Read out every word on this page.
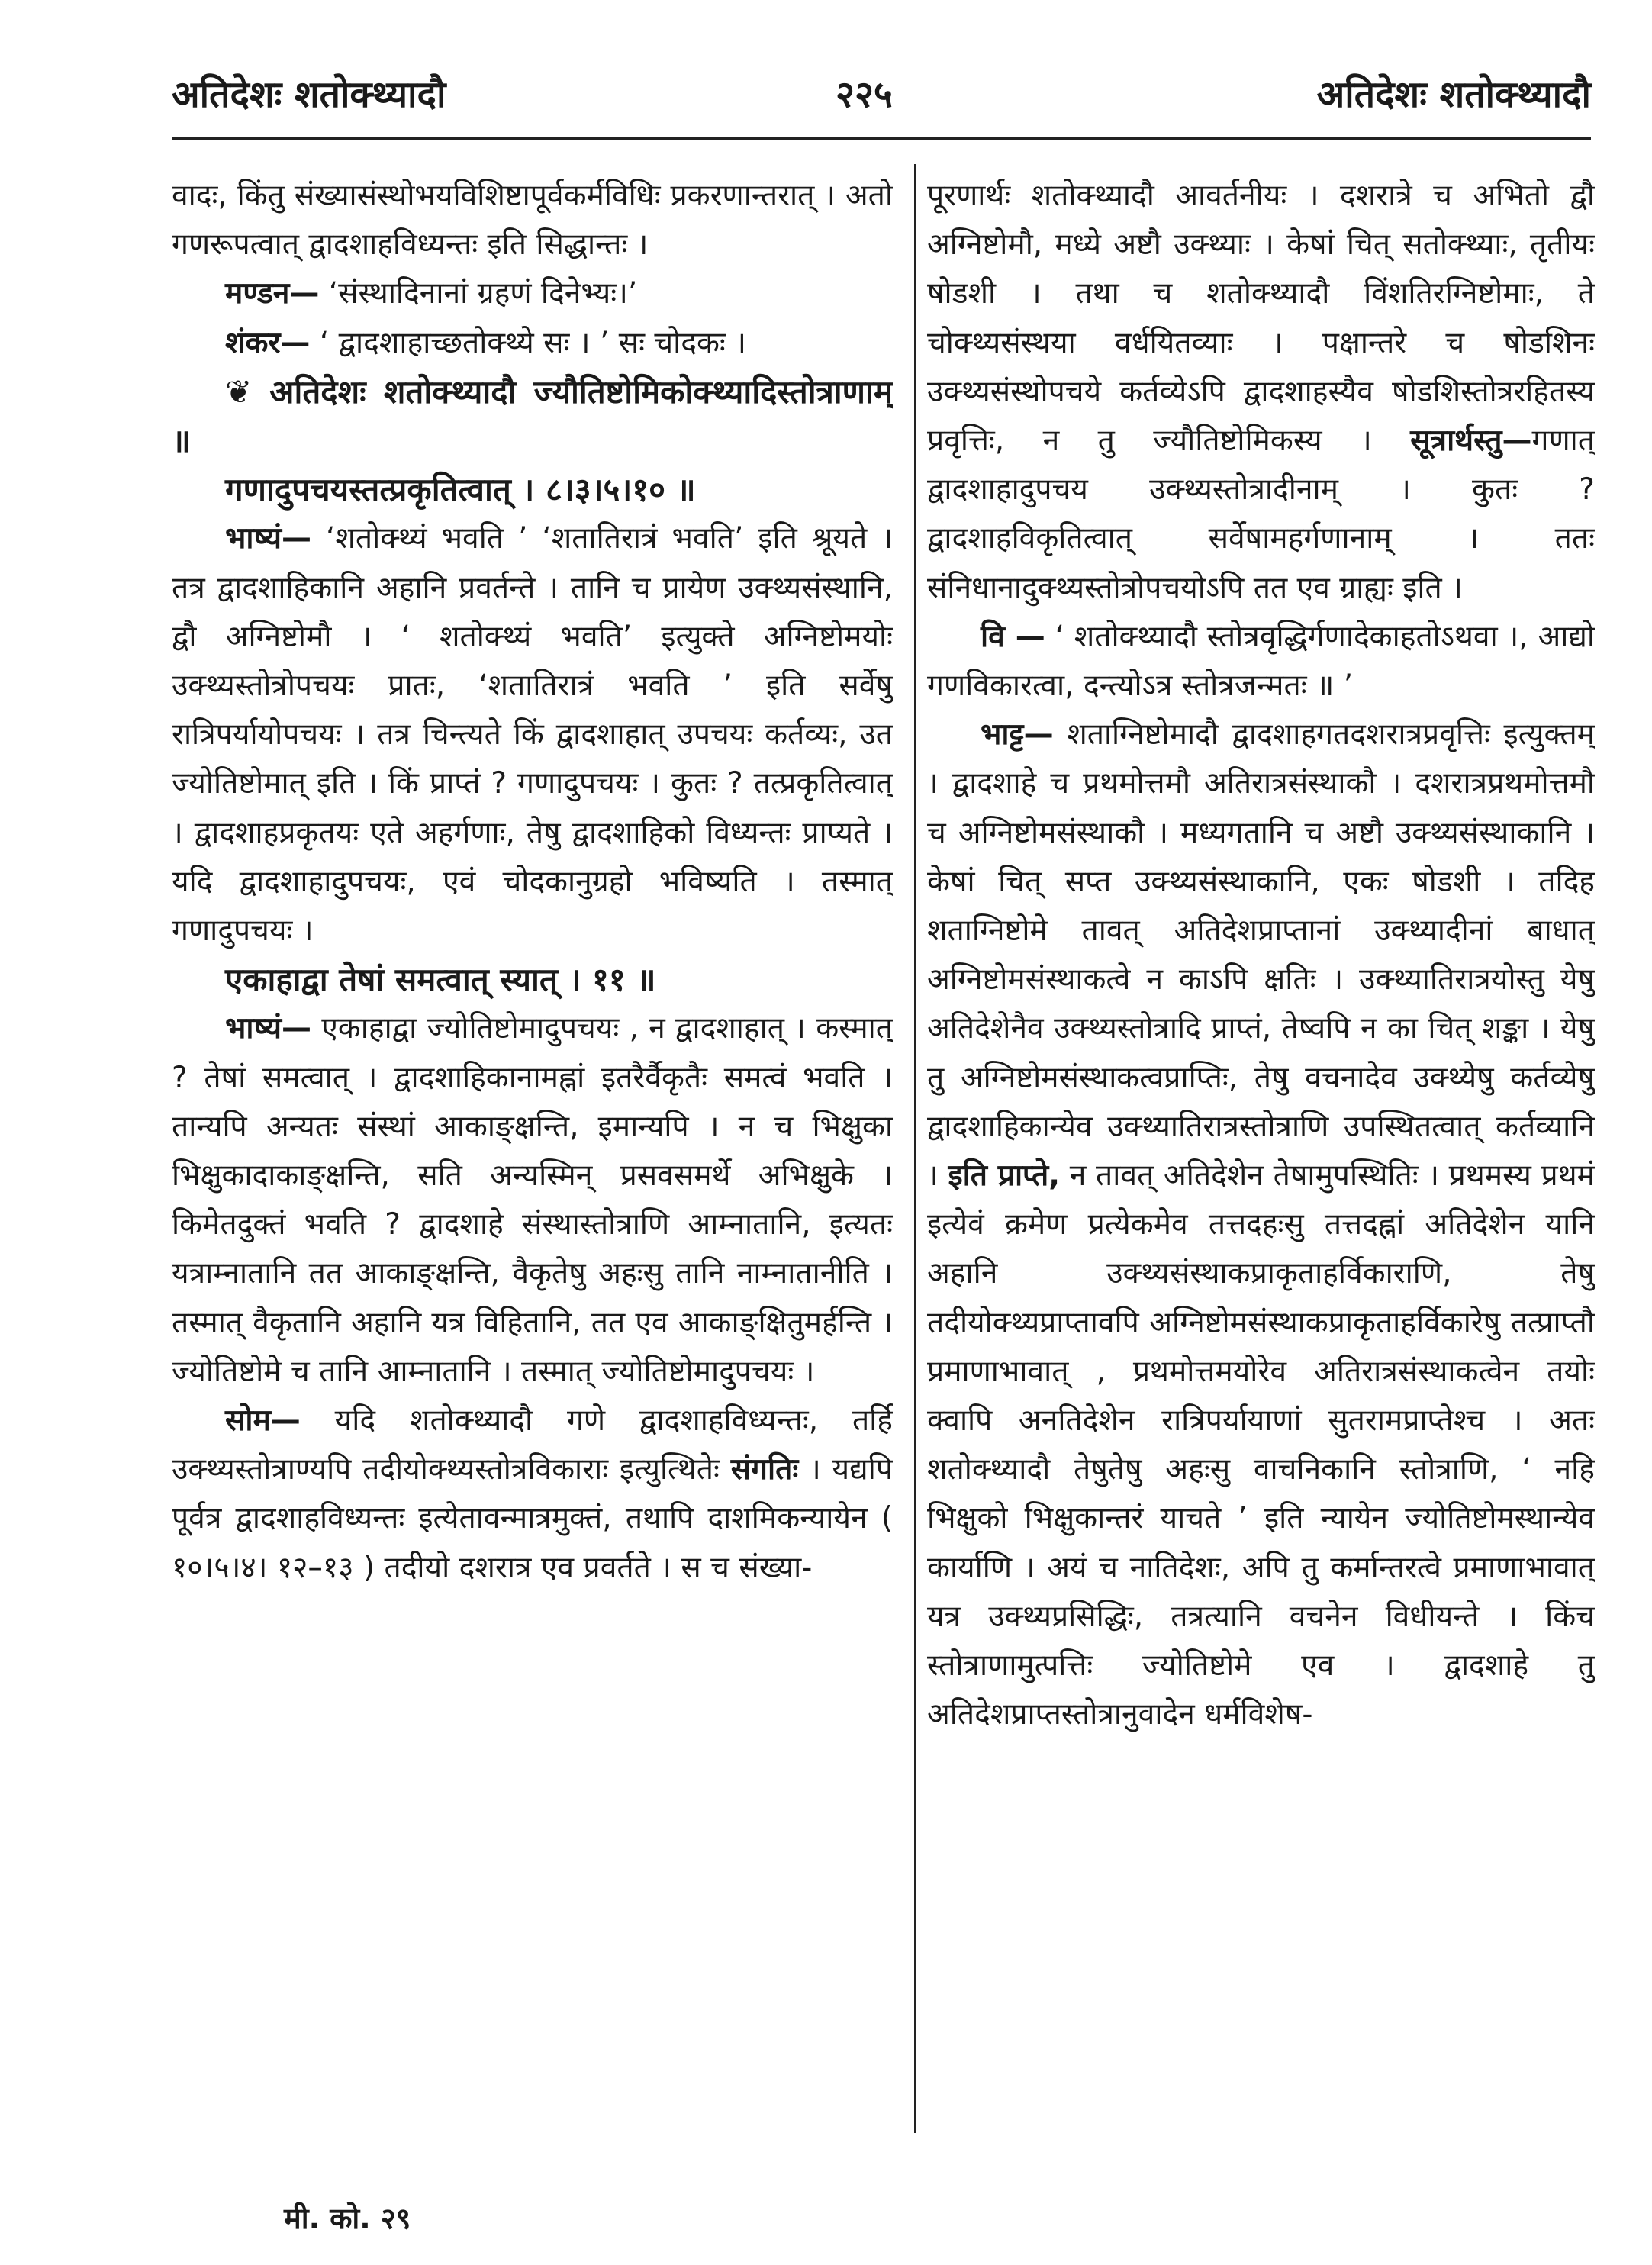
अतिदेशः शतोक्थ्यादौ	२२५	अतिदेशः शतोक्थ्यादौ

वादः, किंतु संख्यासंस्थोभयविशिष्टापूर्वकर्मविधिः प्रकरणान्तरात् । अतो गणरूपत्वात् द्वादशाहविध्यन्तः इति सिद्धान्तः ।

मण्डन— ‘संस्थादिनानां ग्रहणं दिनेभ्यः।’

शंकर— ‘ द्वादशाहाच्छतोक्थ्ये सः । ’ सः चोदकः ।

❦ अतिदेशः शतोक्थ्यादौ ज्यौतिष्टोमिकोक्थ्यादिस्तोत्राणाम् ॥

गणादुपचयस्तत्प्रकृतित्वात् । ८।३।५।१० ॥

भाष्यं— ‘शतोक्थ्यं भवति ’ ‘शतातिरात्रं भवति’ इति श्रूयते । तत्र द्वादशाहिकानि अहानि प्रवर्तन्ते । तानि च प्रायेण उक्थ्यसंस्थानि, द्वौ अग्निष्टोमौ । ‘ शतोक्थ्यं भवति’ इत्युक्ते अग्निष्टोमयोः उक्थ्यस्तोत्रोपचयः प्रातः, ‘शतातिरात्रं भवति ’ इति सर्वेषु रात्रिपर्यायोपचयः । तत्र चिन्त्यते किं द्वादशाहात् उपचयः कर्तव्यः, उत ज्योतिष्टोमात् इति । किं प्राप्तं ? गणादुपचयः । कुतः ? तत्प्रकृतित्वात् । द्वादशाहप्रकृतयः एते अहर्गणाः, तेषु द्वादशाहिको विध्यन्तः प्राप्यते । यदि द्वादशाहादुपचयः, एवं चोदकानुग्रहो भविष्यति । तस्मात् गणादुपचयः ।

एकाहाद्वा तेषां समत्वात् स्यात् । ११ ॥

भाष्यं— एकाहाद्वा ज्योतिष्टोमादुपचयः , न द्वादशाहात् । कस्मात् ? तेषां समत्वात् । द्वादशाहिकानामह्नां इतरैर्वैकृतैः समत्वं भवति । तान्यपि अन्यतः संस्थां आकाङ्क्षन्ति, इमान्यपि । न च भिक्षुका भिक्षुकादाकाङ्क्षन्ति, सति अन्यस्मिन् प्रसवसमर्थे अभिक्षुके । किमेतदुक्तं भवति ? द्वादशाहे संस्थास्तोत्राणि आम्नातानि, इत्यतः यत्राम्नातानि तत आकाङ्क्षन्ति, वैकृतेषु अहःसु तानि नाम्नातानीति । तस्मात् वैकृतानि अहानि यत्र विहितानि, तत एव आकाङ्क्षितुमर्हन्ति । ज्योतिष्टोमे च तानि आम्नातानि । तस्मात् ज्योतिष्टोमादुपचयः ।

सोम— यदि शतोक्थ्यादौ गणे द्वादशाहविध्यन्तः, तर्हि उक्थ्यस्तोत्राण्यपि तदीयोक्थ्यस्तोत्रविकाराः इत्युत्थितेः संगतिः । यद्यपि पूर्वत्र द्वादशाहविध्यन्तः इत्येतावन्मात्रमुक्तं, तथापि दाशमिकन्यायेन ( १०।५।४। १२–१३ ) तदीयो दशरात्र एव प्रवर्तते । स च संख्या-

पूरणार्थः शतोक्थ्यादौ आवर्तनीयः । दशरात्रे च अभितो द्वौ अग्निष्टोमौ, मध्ये अष्टौ उक्थ्याः । केषां चित् सतोक्थ्याः, तृतीयः षोडशी । तथा च शतोक्थ्यादौ विंशतिरग्निष्टोमाः, ते चोक्थ्यसंस्थया वर्धयितव्याः । पक्षान्तरे च षोडशिनः उक्थ्यसंस्थोपचये कर्तव्येऽपि द्वादशाहस्यैव षोडशिस्तोत्ररहितस्य प्रवृत्तिः, न तु ज्यौतिष्टोमिकस्य । सूत्रार्थस्तु—गणात् द्वादशाहादुपचय उक्थ्यस्तोत्रादीनाम् । कुतः ? द्वादशाहविकृतित्वात् सर्वेषामहर्गणानाम् । ततः संनिधानादुक्थ्यस्तोत्रोपचयोऽपि तत एव ग्राह्यः इति ।

वि — ‘ शतोक्थ्यादौ स्तोत्रवृद्धिर्गणादेकाहतोऽथवा ।, आद्यो गणविकारत्वा, दन्त्योऽत्र स्तोत्रजन्मतः ॥ ’

भाट्ट— शताग्निष्टोमादौ द्वादशाहगतदशरात्रप्रवृत्तिः इत्युक्तम् । द्वादशाहे च प्रथमोत्तमौ अतिरात्रसंस्थाकौ । दशरात्रप्रथमोत्तमौ च अग्निष्टोमसंस्थाकौ । मध्यगतानि च अष्टौ उक्थ्यसंस्थाकानि । केषां चित् सप्त उक्थ्यसंस्थाकानि, एकः षोडशी । तदिह शताग्निष्टोमे तावत् अतिदेशप्राप्तानां उक्थ्यादीनां बाधात् अग्निष्टोमसंस्थाकत्वे न काऽपि क्षतिः । उक्थ्यातिरात्रयोस्तु येषु अतिदेशेनैव उक्थ्यस्तोत्रादि प्राप्तं, तेष्वपि न का चित् शङ्का । येषु तु अग्निष्टोमसंस्थाकत्वप्राप्तिः, तेषु वचनादेव उक्थ्येषु कर्तव्येषु द्वादशाहिकान्येव उक्थ्यातिरात्रस्तोत्राणि उपस्थितत्वात् कर्तव्यानि । इति प्राप्ते, न तावत् अतिदेशेन तेषामुपस्थितिः । प्रथमस्य प्रथमं इत्येवं क्रमेण प्रत्येकमेव तत्तदहःसु तत्तदह्नां अतिदेशेन यानि अहानि उक्थ्यसंस्थाकप्राकृताहर्विकाराणि, तेषु तदीयोक्थ्यप्राप्तावपि अग्निष्टोमसंस्थाकप्राकृताहर्विकारेषु तत्प्राप्तौ प्रमाणाभावात् , प्रथमोत्तमयोरेव अतिरात्रसंस्थाकत्वेन तयोः क्वापि अनतिदेशेन रात्रिपर्यायाणां सुतरामप्राप्तेश्च । अतः शतोक्थ्यादौ तेषुतेषु अहःसु वाचनिकानि स्तोत्राणि, ‘ नहि भिक्षुको भिक्षुकान्तरं याचते ’ इति न्यायेन ज्योतिष्टोमस्थान्येव कार्याणि । अयं च नातिदेशः, अपि तु कर्मान्तरत्वे प्रमाणाभावात् यत्र उक्थ्यप्रसिद्धिः, तत्रत्यानि वचनेन विधीयन्ते । किंच स्तोत्राणामुत्पत्तिः ज्योतिष्टोमे एव । द्वादशाहे तु अतिदेशप्राप्तस्तोत्रानुवादेन धर्मविशेष-

मी. को. २९
